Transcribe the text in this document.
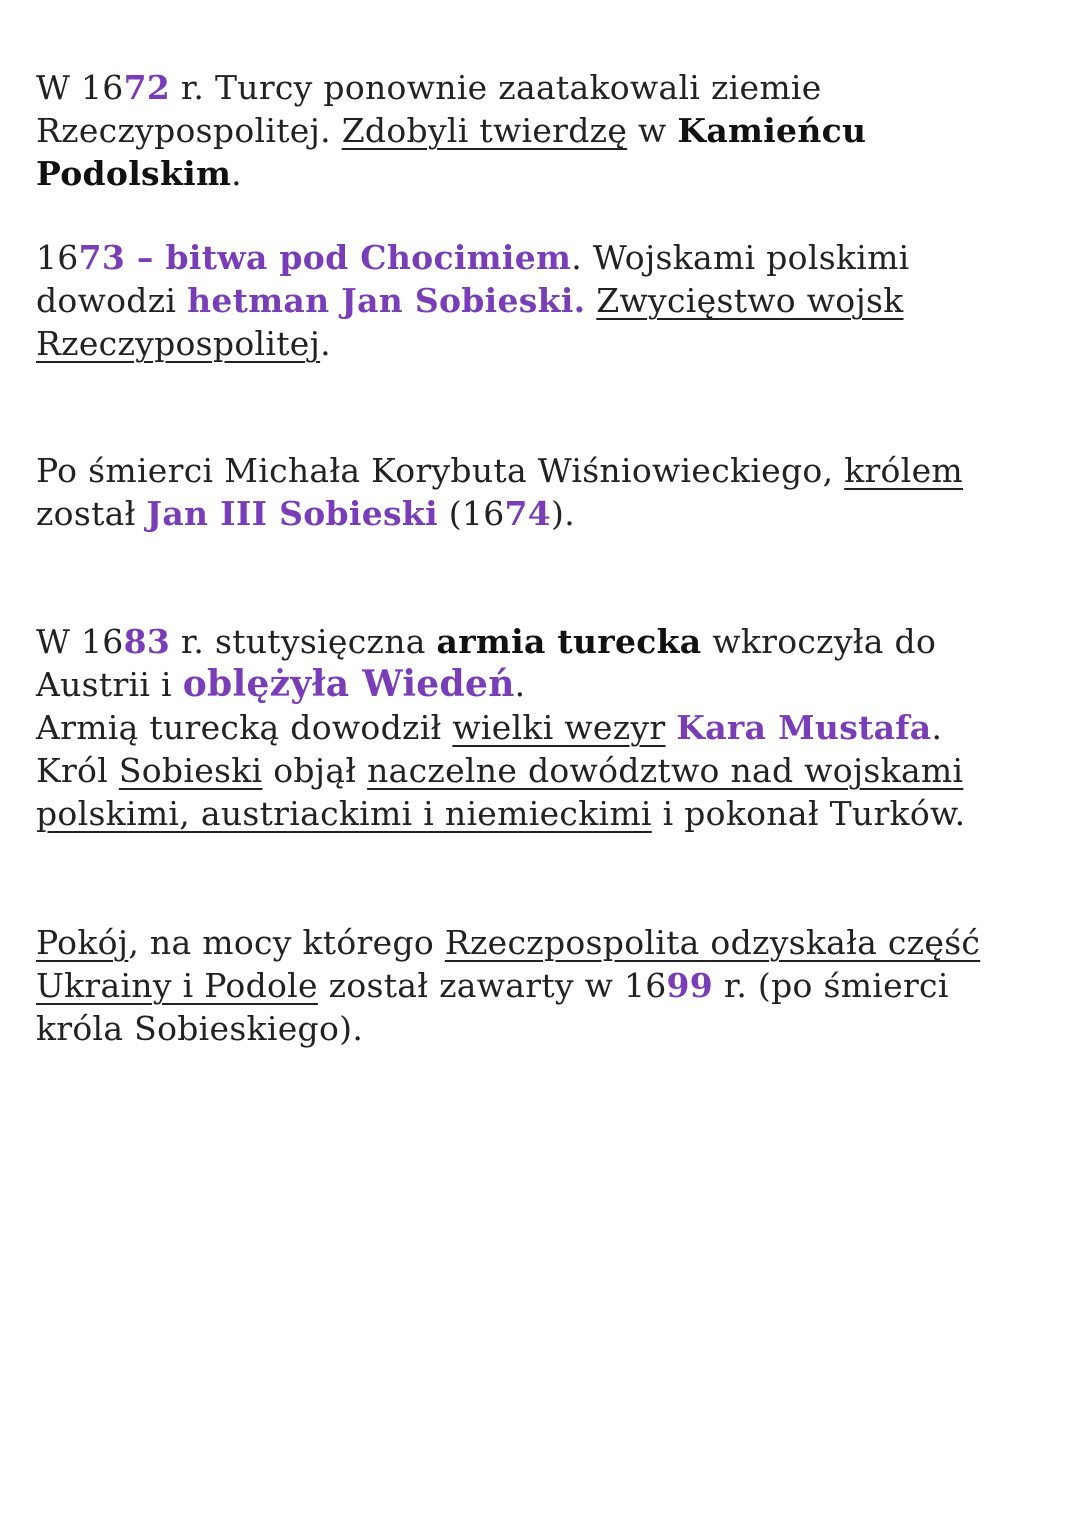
W 1672 r. Turcy ponownie zaatakowali ziemie
Rzeczypospolitej. Zdobyli twierdzę w Kamieńcu
Podolskim.

1673 – bitwa pod Chocimiem. Wojskami polskimi
dowodzi hetman Jan Sobieski. Zwycięstwo wojsk
Rzeczypospolitej.

Po śmierci Michała Korybuta Wiśniowieckiego, królem
został Jan III Sobieski (1674).

W 1683 r. stutysięczna armia turecka wkroczyła do
Austrii i oblężyła Wiedeń.
Armią turecką dowodził wielki wezyr Kara Mustafa.
Król Sobieski objął naczelne dowództwo nad wojskami
polskimi, austriackimi i niemieckimi i pokonał Turków.

Pokój, na mocy którego Rzeczpospolita odzyskała część
Ukrainy i Podole został zawarty w 1699 r. (po śmierci
króla Sobieskiego).
